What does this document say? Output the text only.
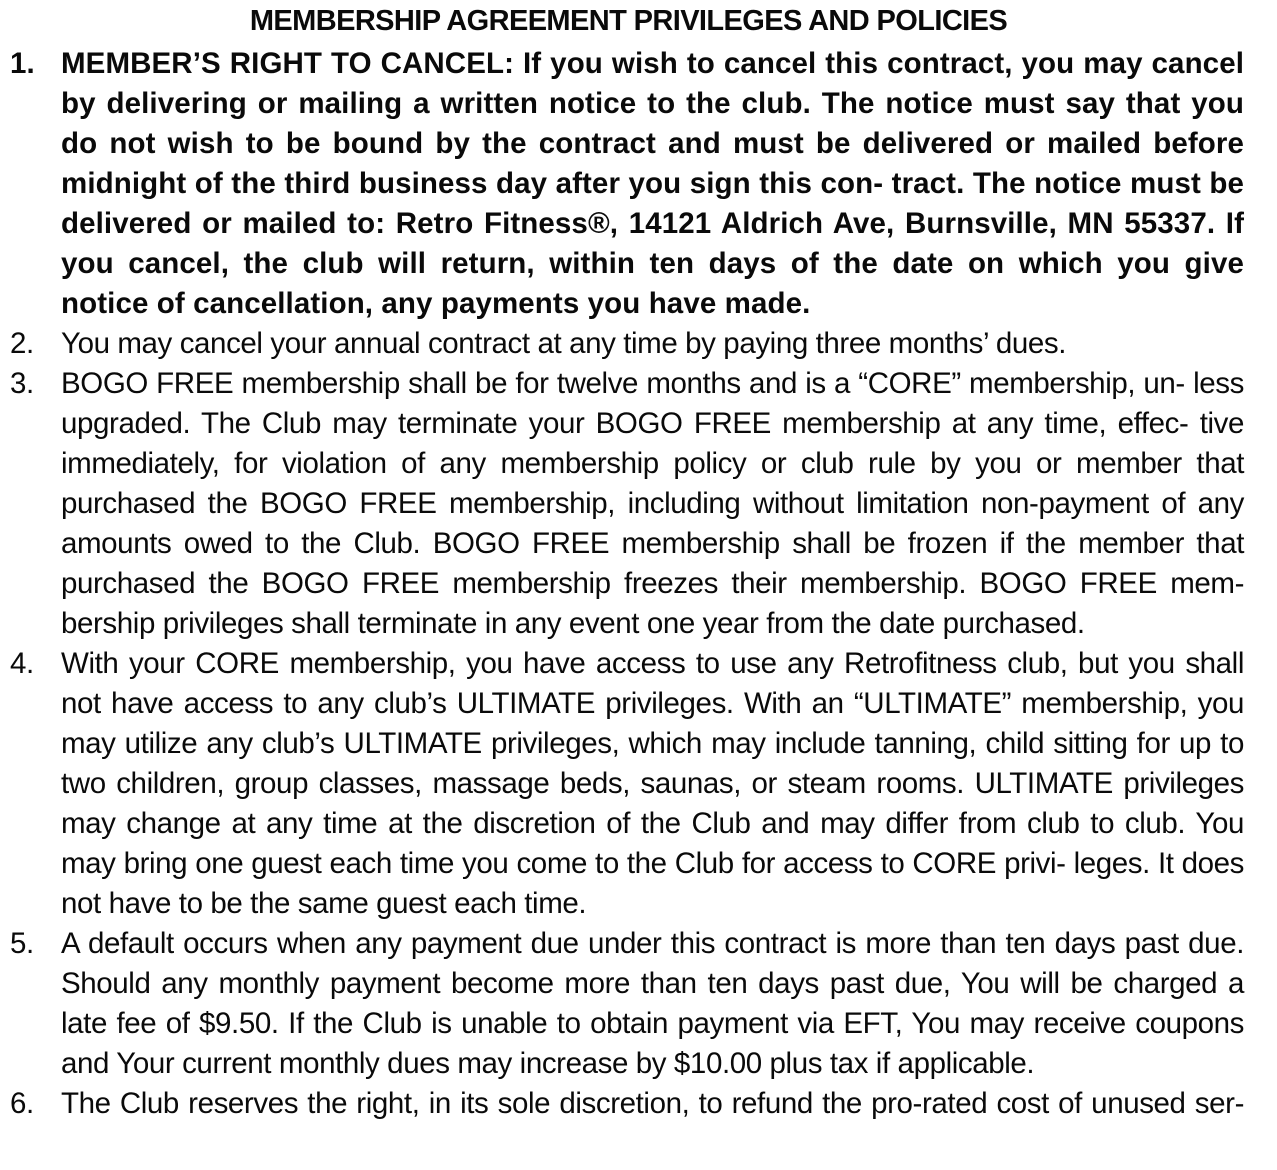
MEMBERSHIP AGREEMENT PRIVILEGES AND POLICIES

1. MEMBER’S RIGHT TO CANCEL: If you wish to cancel this contract, you may cancel by delivering or mailing a written notice to the club. The notice must say that you do not wish to be bound by the contract and must be delivered or mailed before midnight of the third business day after you sign this con- tract. The notice must be delivered or mailed to: Retro Fitness®, 14121 Aldrich Ave, Burnsville, MN 55337. If you cancel, the club will return, within ten days of the date on which you give notice of cancellation, any payments you have made.

2. You may cancel your annual contract at any time by paying three months’ dues.

3. BOGO FREE membership shall be for twelve months and is a “CORE” membership, un- less upgraded. The Club may terminate your BOGO FREE membership at any time, effec- tive immediately, for violation of any membership policy or club rule by you or member that purchased the BOGO FREE membership, including without limitation non-payment of any amounts owed to the Club. BOGO FREE membership shall be frozen if the member that purchased the BOGO FREE membership freezes their membership. BOGO FREE mem- bership privileges shall terminate in any event one year from the date purchased.

4. With your CORE membership, you have access to use any Retrofitness club, but you shall not have access to any club’s ULTIMATE privileges. With an “ULTIMATE” membership, you may utilize any club’s ULTIMATE privileges, which may include tanning, child sitting for up to two children, group classes, massage beds, saunas, or steam rooms. ULTIMATE privileges may change at any time at the discretion of the Club and may differ from club to club. You may bring one guest each time you come to the Club for access to CORE privi- leges. It does not have to be the same guest each time.

5. A default occurs when any payment due under this contract is more than ten days past due. Should any monthly payment become more than ten days past due, You will be charged a late fee of $9.50. If the Club is unable to obtain payment via EFT, You may receive coupons and Your current monthly dues may increase by $10.00 plus tax if applicable.

6. The Club reserves the right, in its sole discretion, to refund the pro-rated cost of unused ser-
